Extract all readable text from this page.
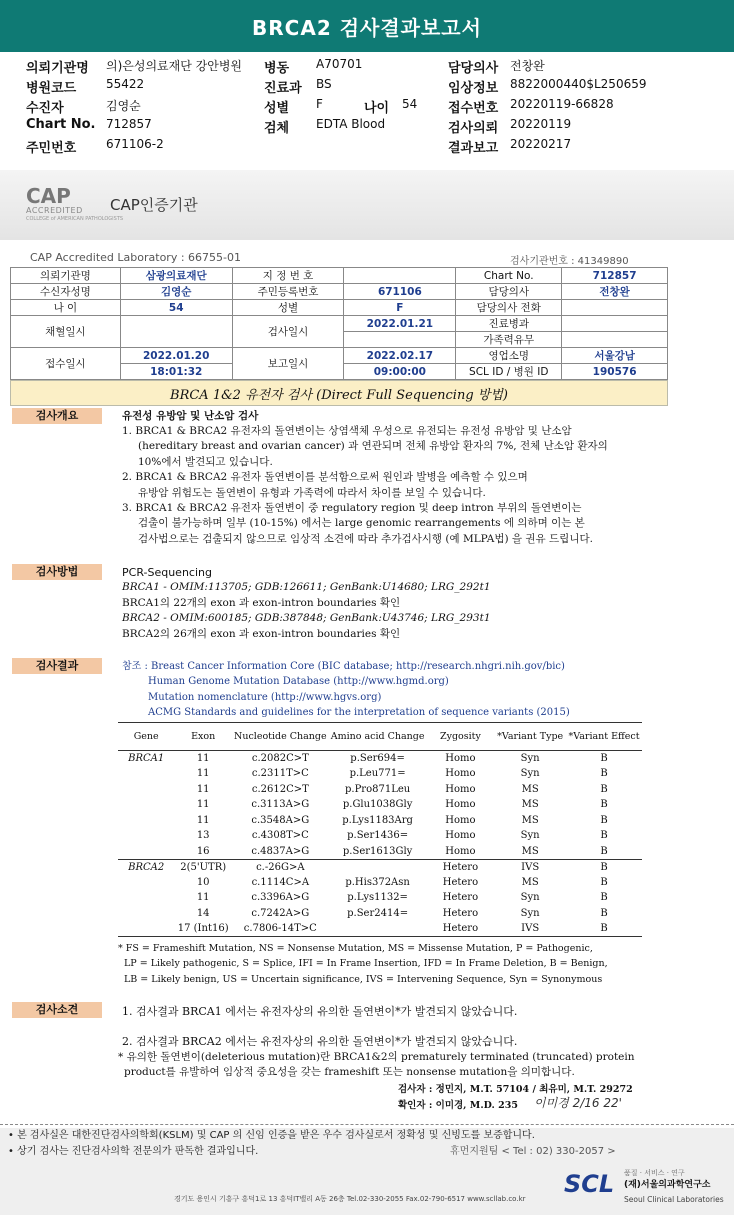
BRCA2 검사결과보고서
의뢰기관명 의)은성의료재단 강안병원 병동 A70701	담당의사 전창완
병원코드 55422	진료과 BS	임상정보 8822000440$L250659
수진자	김영순	성별 F	나이 54 접수번호 20220119-66828
Chart No. 712857	검체 EDTA Blood	검사의뢰 20220119
주민번호 671106-2	결과보고 20220217
CAP
ACCREDITED
COLLEGE of AMERICAN PATHOLOGISTS
CAP인증기관
CAP Accredited Laboratory : 66755-01	검사기관번호 : 41349890
의뢰기관명	삼광의료재단	지 정 번 호		Chart No.	712857
수신자성명	김영순	주민등록번호	671106	담당의사	전창완
나 이	54	성별	F	담당의사 전화	
채혈일시		검사일시	2022.01.21	진료병과	
				가족력유무	
접수일시	2022.01.20	보고일시	2022.02.17	영업소명	서울강남
	18:01:32		09:00:00	SCL ID / 병원 ID	190576
BRCA 1&2 유전자 검사 (Direct Full Sequencing 방법)
검사개요	유전성 유방암 및 난소암 검사
1. BRCA1 & BRCA2 유전자의 돌연변이는 상염색체 우성으로 유전되는 유전성 유방암 및 난소암
(hereditary breast and ovarian cancer) 과 연관되며 전체 유방암 환자의 7%, 전체 난소암 환자의
10%에서 발견되고 있습니다.
2. BRCA1 & BRCA2 유전자 돌연변이를 분석함으로써 원인과 발병을 예측할 수 있으며
유방암 위험도는 돌연변이 유형과 가족력에 따라서 차이를 보일 수 있습니다.
3. BRCA1 & BRCA2 유전자 돌연변이 중 regulatory region 및 deep intron 부위의 돌연변이는
검출이 불가능하며 일부 (10-15%) 에서는 large genomic rearrangements 에 의하며 이는 본
검사법으로는 검출되지 않으므로 임상적 소견에 따라 추가검사시행 (예 MLPA법) 을 권유 드립니다.
검사방법	PCR-Sequencing
BRCA1 - OMIM:113705; GDB:126611; GenBank:U14680; LRG_292t1
BRCA1의 22개의 exon 과 exon-intron boundaries 확인
BRCA2 - OMIM:600185; GDB:387848; GenBank:U43746; LRG_293t1
BRCA2의 26개의 exon 과 exon-intron boundaries 확인
검사결과	참조 : Breast Cancer Information Core (BIC database; http://research.nhgri.nih.gov/bic)
Human Genome Mutation Database (http://www.hgmd.org)
Mutation nomenclature (http://www.hgvs.org)
ACMG Standards and guidelines for the interpretation of sequence variants (2015)
Gene	Exon	Nucleotide Change	Amino acid Change	Zygosity	*Variant Type	*Variant Effect
BRCA1	11	c.2082C>T	p.Ser694=	Homo	Syn	B
	11	c.2311T>C	p.Leu771=	Homo	Syn	B
	11	c.2612C>T	p.Pro871Leu	Homo	MS	B
	11	c.3113A>G	p.Glu1038Gly	Homo	MS	B
	11	c.3548A>G	p.Lys1183Arg	Homo	MS	B
	13	c.4308T>C	p.Ser1436=	Homo	Syn	B
	16	c.4837A>G	p.Ser1613Gly	Homo	MS	B
BRCA2	2(5'UTR)	c.-26G>A		Hetero	IVS	B
	10	c.1114C>A	p.His372Asn	Hetero	MS	B
	11	c.3396A>G	p.Lys1132=	Hetero	Syn	B
	14	c.7242A>G	p.Ser2414=	Hetero	Syn	B
	17 (Int16)	c.7806-14T>C		Hetero	IVS	B
* FS = Frameshift Mutation, NS = Nonsense Mutation, MS = Missense Mutation, P = Pathogenic,
LP = Likely pathogenic, S = Splice, IFI = In Frame Insertion, IFD = In Frame Deletion, B = Benign,
LB = Likely benign, US = Uncertain significance, IVS = Intervening Sequence, Syn = Synonymous
검사소견	1. 검사결과 BRCA1 에서는 유전자상의 유의한 돌연변이*가 발견되지 않았습니다.
2. 검사결과 BRCA2 에서는 유전자상의 유의한 돌연변이*가 발견되지 않았습니다.
* 유의한 돌연변이(deleterious mutation)란 BRCA1&2의 prematurely terminated (truncated) protein
product를 유발하여 임상적 중요성을 갖는 frameshift 또는 nonsense mutation을 의미합니다.
검사자 : 정민지, M.T. 57104 / 최유미, M.T. 29272
확인자 : 이미경, M.D. 235 이미경 2/16 22'
• 본 검사실은 대한진단검사의학회(KSLM) 및 CAP 의 신임 인증을 받은 우수 검사실로서 정확성 및 신빙도를 보증합니다.
• 상기 검사는 진단검사의학 전문의가 판독한 결과입니다.	휴먼지원팀 < Tel : 02) 330-2057 >
경기도 용인시 기흥구 흥덕1로 13 흥덕IT밸리 A동 26층 Tel.02-330-2055 Fax.02-790-6517 www.scllab.co.kr
SCL 품질 · 서비스 · 연구
(재)서울의과학연구소
Seoul Clinical Laboratories
